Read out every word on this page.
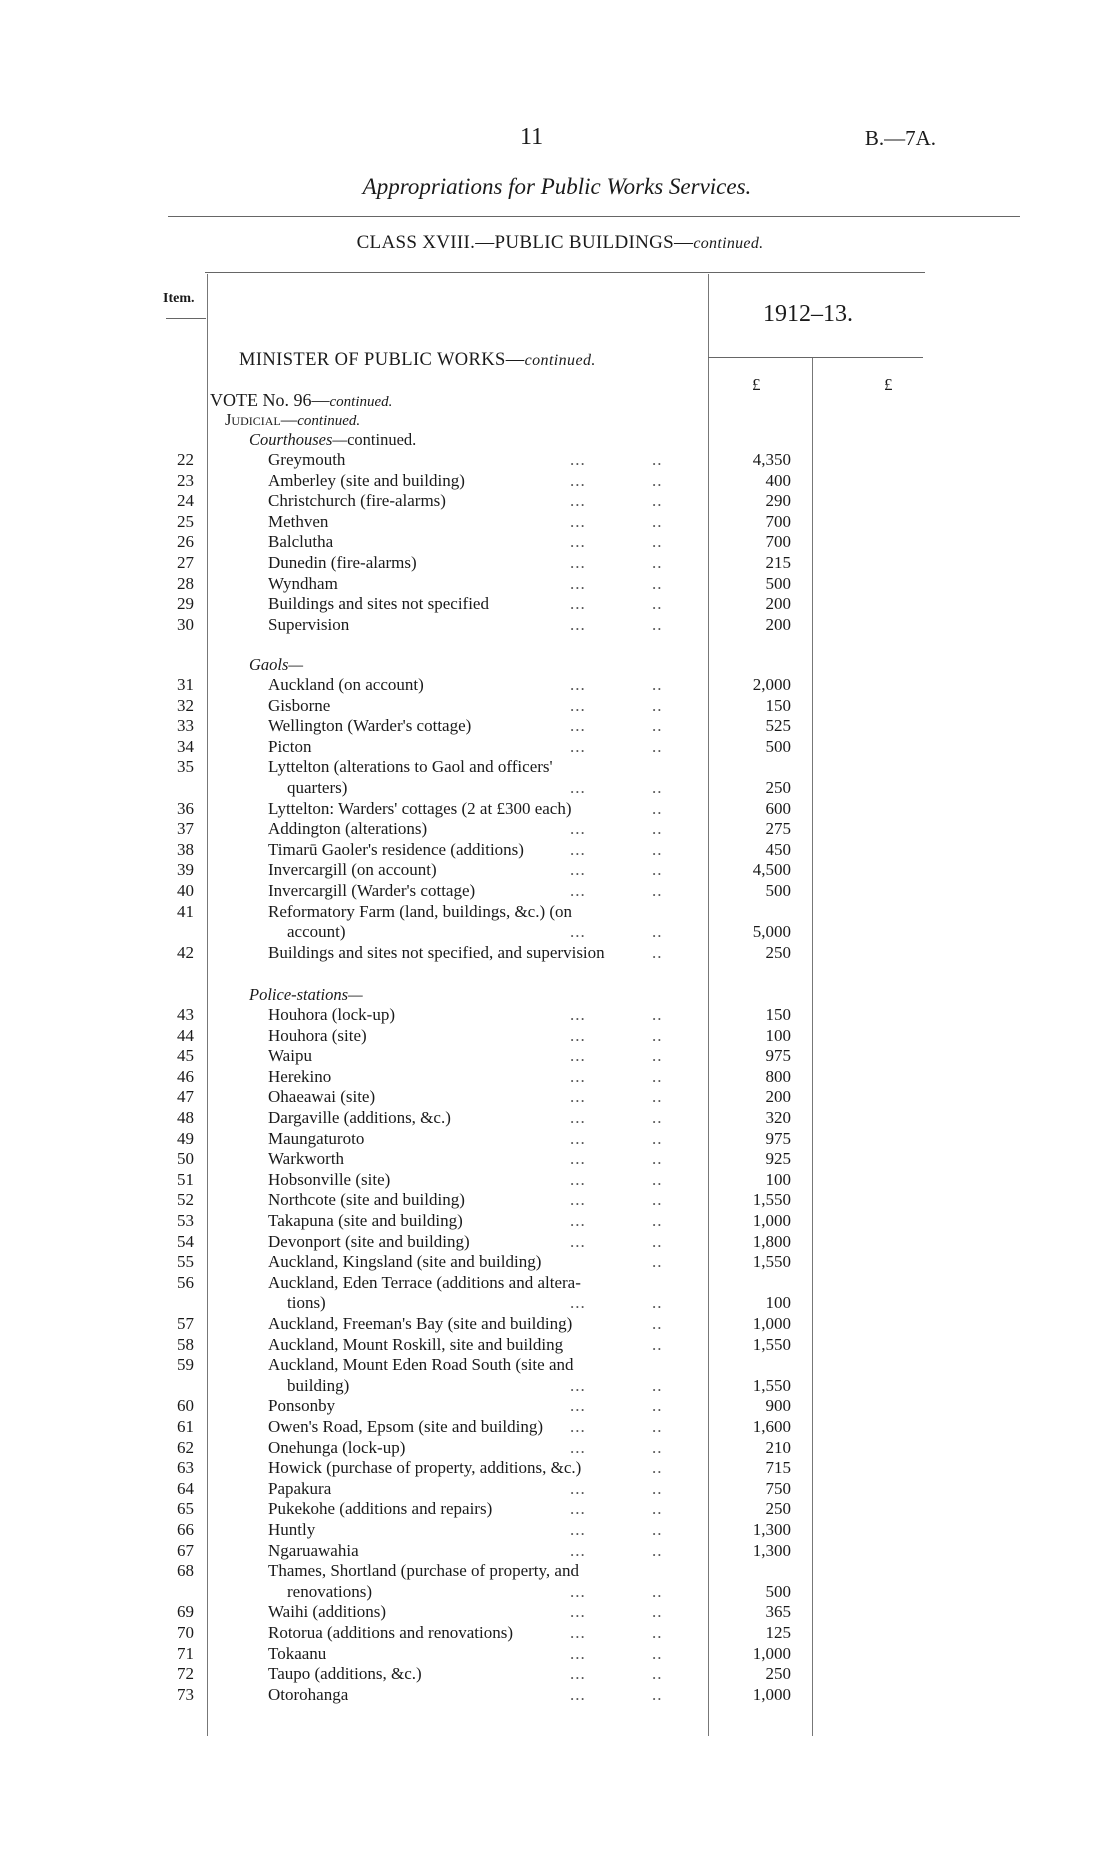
11	B.—7A.
Appropriations for Public Works Services.
CLASS XVIII.—PUBLIC BUILDINGS—continued.
Item.
1912–13.
MINISTER OF PUBLIC WORKS—continued.
£	£
VOTE No. 96—continued.
Judicial—continued.
Courthouses—continued.
22	Greymouth	...	..	4,350
23	Amberley (site and building)	...	..	400
24	Christchurch (fire-alarms)	...	..	290
25	Methven	...	..	700
26	Balclutha	...	..	700
27	Dunedin (fire-alarms)	...	..	215
28	Wyndham	...	..	500
29	Buildings and sites not specified	...	..	200
30	Supervision	...	..	200
Gaols—
31	Auckland (on account)	...	..	2,000
32	Gisborne	...	..	150
33	Wellington (Warder's cottage)	...	..	525
34	Picton	...	..	500
35	Lyttelton (alterations to Gaol and officers'
quarters)	...	..	250
36	Lyttelton: Warders' cottages (2 at £300 each)	..	600
37	Addington (alterations)	...	..	275
38	Timarū Gaoler's residence (additions)	...	..	450
39	Invercargill (on account)	...	..	4,500
40	Invercargill (Warder's cottage)	...	..	500
41	Reformatory Farm (land, buildings, &c.) (on
account)	...	..	5,000
42	Buildings and sites not specified, and supervision	..	250
Police-stations—
43	Houhora (lock-up)	...	..	150
44	Houhora (site)	...	..	100
45	Waipu	...	..	975
46	Herekino	...	..	800
47	Ohaeawai (site)	...	..	200
48	Dargaville (additions, &c.)	...	..	320
49	Maungaturoto	...	..	975
50	Warkworth	...	..	925
51	Hobsonville (site)	...	..	100
52	Northcote (site and building)	...	..	1,550
53	Takapuna (site and building)	...	..	1,000
54	Devonport (site and building)	...	..	1,800
55	Auckland, Kingsland (site and building)	..	1,550
56	Auckland, Eden Terrace (additions and altera-
tions)	...	..	100
57	Auckland, Freeman's Bay (site and building)	..	1,000
58	Auckland, Mount Roskill, site and building	..	1,550
59	Auckland, Mount Eden Road South (site and
building)	...	..	1,550
60	Ponsonby	...	..	900
61	Owen's Road, Epsom (site and building) ...	..	1,600
62	Onehunga (lock-up)	...	..	210
63	Howick (purchase of property, additions, &c.)	..	715
64	Papakura	...	..	750
65	Pukekohe (additions and repairs)	...	..	250
66	Huntly	...	..	1,300
67	Ngaruawahia	...	..	1,300
68	Thames, Shortland (purchase of property, and
renovations)	...	..	500
69	Waihi (additions)	...	..	365
70	Rotorua (additions and renovations)	...	..	125
71	Tokaanu	...	..	1,000
72	Taupo (additions, &c.)	...	..	250
73	Otorohanga	...	..	1,000
